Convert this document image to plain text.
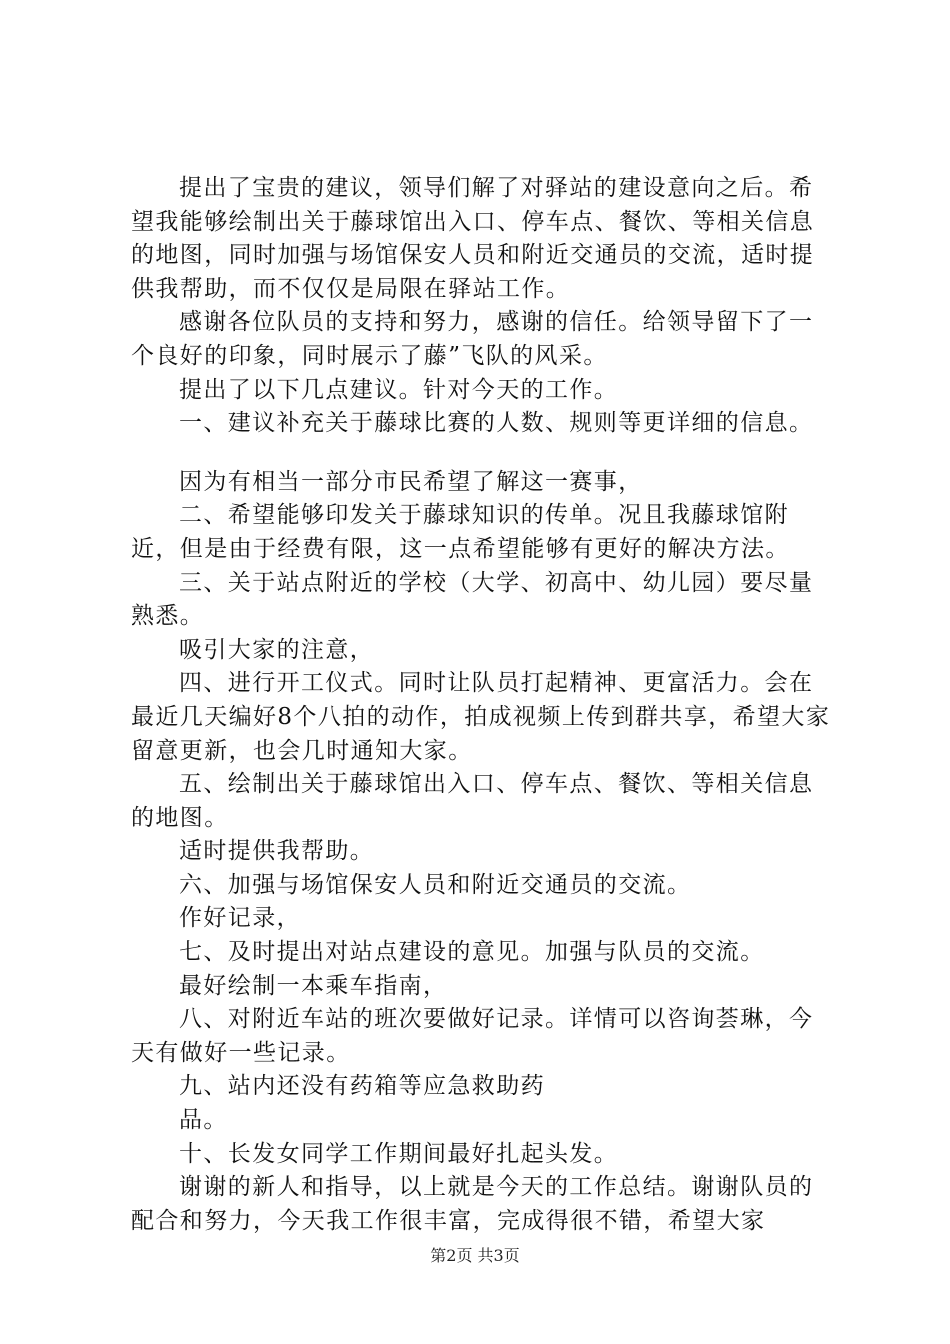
提出了宝贵的建议，领导们解了对驿站的建设意向之后。希望我能够绘制出关于藤球馆出入口、停车点、餐饮、等相关信息的地图，同时加强与场馆保安人员和附近交通员的交流，适时提供我帮助，而不仅仅是局限在驿站工作。

感谢各位队员的支持和努力，感谢的信任。给领导留下了一个良好的印象，同时展示了藤”飞队的风采。

提出了以下几点建议。针对今天的工作。

一、建议补充关于藤球比赛的人数、规则等更详细的信息。

因为有相当一部分市民希望了解这一赛事，

二、希望能够印发关于藤球知识的传单。况且我藤球馆附近，但是由于经费有限，这一点希望能够有更好的解决方法。

三、关于站点附近的学校（大学、初高中、幼儿园）要尽量熟悉。

吸引大家的注意，

四、进行开工仪式。同时让队员打起精神、更富活力。会在最近几天编好8个八拍的动作，拍成视频上传到群共享，希望大家留意更新，也会几时通知大家。

五、绘制出关于藤球馆出入口、停车点、餐饮、等相关信息的地图。

适时提供我帮助。

六、加强与场馆保安人员和附近交通员的交流。

作好记录，

七、及时提出对站点建设的意见。加强与队员的交流。

最好绘制一本乘车指南，

八、对附近车站的班次要做好记录。详情可以咨询荟琳，今天有做好一些记录。

九、站内还没有药箱等应急救助药

品。

十、长发女同学工作期间最好扎起头发。

谢谢的新人和指导，以上就是今天的工作总结。谢谢队员的配合和努力，今天我工作很丰富，完成得很不错，希望大家

第2页 共3页
